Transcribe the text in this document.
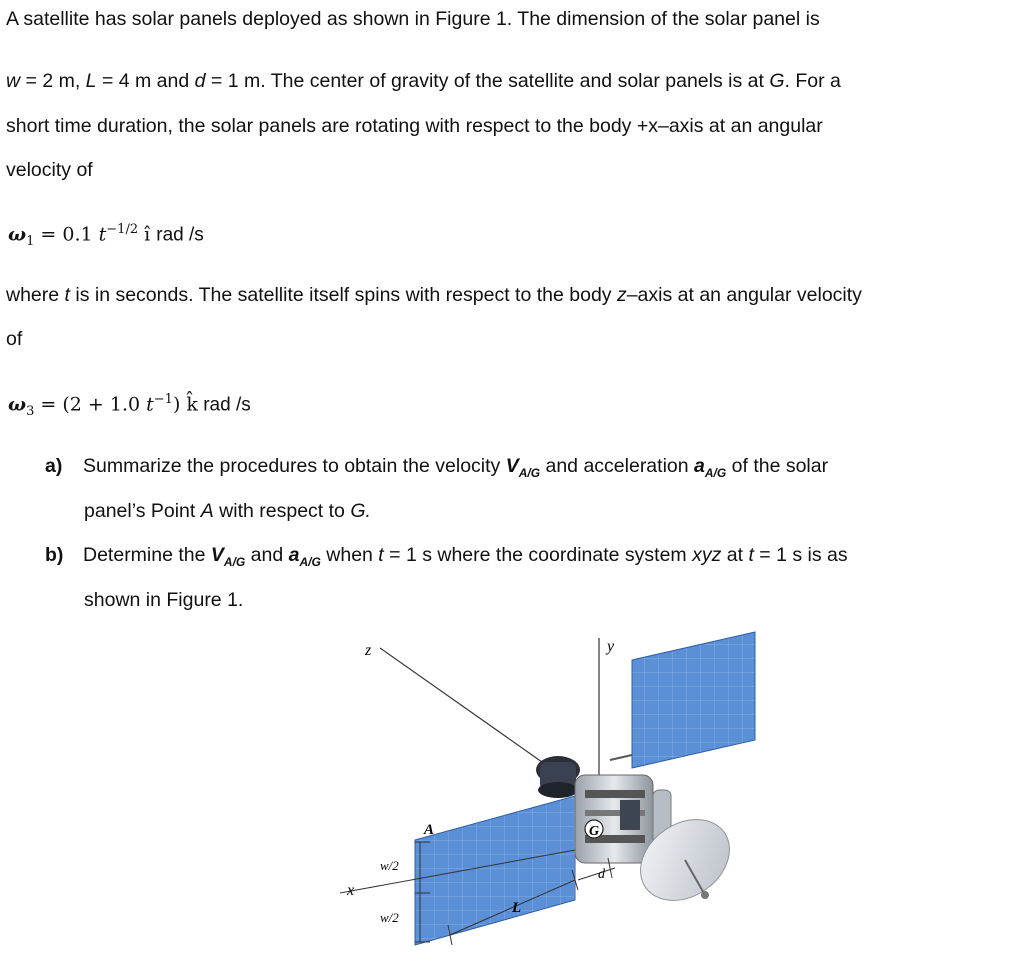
A satellite has solar panels deployed as shown in Figure 1. The dimension of the solar panel is
w = 2 m, L = 4 m and d = 1 m. The center of gravity of the satellite and solar panels is at G. For a
short time duration, the solar panels are rotating with respect to the body +x–axis at an angular
velocity of
$\omega_1 = 0.1$ $t^{-1/2}$ ı̂ rad /s
where t is in seconds. The satellite itself spins with respect to the body z–axis at an angular velocity
of
$\omega_3 = (2 + 1.0$ $t^{-1}$) k̂ rad /s
a) Summarize the procedures to obtain the velocity $V_{A/G}$ and acceleration $a_{A/G}$ of the solar
panel’s Point A with respect to G.
b) Determine the $V_{A/G}$ and $a_{A/G}$ when t = 1 s where the coordinate system xyz at t = 1 s is as
shown in Figure 1.
G
z	y
x
A
w/2
w/2
L
d
